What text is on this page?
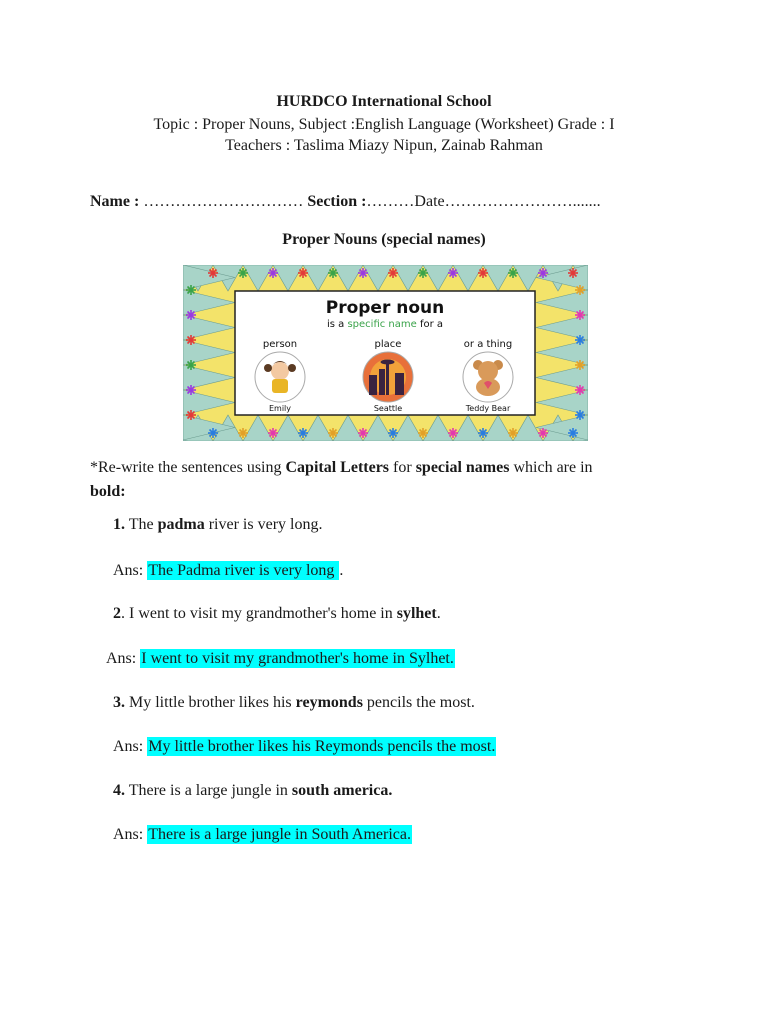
HURDCO International School
Topic : Proper Nouns, Subject :English Language (Worksheet) Grade : I
Teachers : Taslima Miazy Nipun, Zainab Rahman
Name : ………………………… Section :………Date…………………….......
Proper Nouns (special names)
Proper noun
is a specific name for a
person	place	or a thing
Emily	Seattle	Teddy Bear
*Re-write the sentences using Capital Letters for special names which are in
bold:
1. The padma river is very long.
Ans: The Padma river is very long .
2. I went to visit my grandmother's home in sylhet.
Ans: I went to visit my grandmother's home in Sylhet.
3. My little brother likes his reymonds pencils the most.
Ans: My little brother likes his Reymonds pencils the most.
4. There is a large jungle in south america.
Ans: There is a large jungle in South America.
